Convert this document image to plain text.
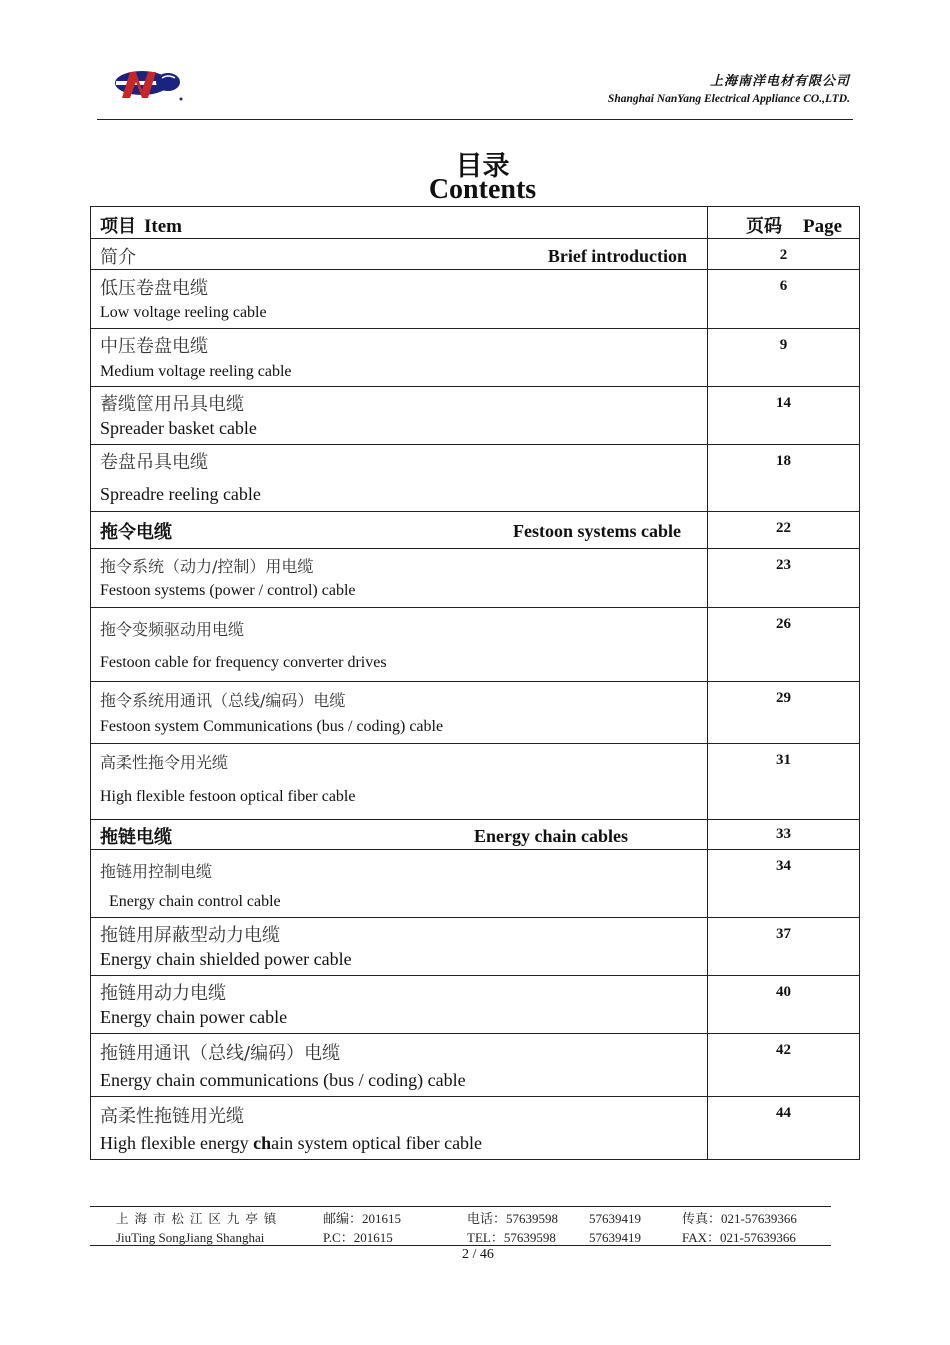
上海南洋电材有限公司
Shanghai NanYang Electrical Appliance CO.,LTD.
目录
Contents
项目 Item	页码 Page

简介 Brief introduction	2

低压卷盘电缆
Low voltage reeling cable	6

中压卷盘电缆
Medium voltage reeling cable	9

蓄缆筐用吊具电缆
Spreader basket cable	14

卷盘吊具电缆
Spreadre reeling cable	18

拖令电缆 Festoon systems cable	22

拖令系统（动力/控制）用电缆
Festoon systems (power / control) cable	23

拖令变频驱动用电缆
Festoon cable for frequency converter drives	26

拖令系统用通讯（总线/编码）电缆
Festoon system Communications (bus / coding) cable	29

高柔性拖令用光缆
High flexible festoon optical fiber cable	31

拖链电缆 Energy chain cables	33

拖链用控制电缆
Energy chain control cable	34

拖链用屏蔽型动力电缆
Energy chain shielded power cable	37

拖链用动力电缆
Energy chain power cable	40

拖链用通讯（总线/编码）电缆
Energy chain communications (bus / coding) cable	42

高柔性拖链用光缆
High flexible energy chain system optical fiber cable	44
上 海 市 松 江 区 九 亭 镇
JiuTing SongJiang Shanghai
邮编：201615
P.C：201615
电话：57639598
TEL：57639598
57639419
57639419
传真：021-57639366
FAX：021-57639366
2 / 46
